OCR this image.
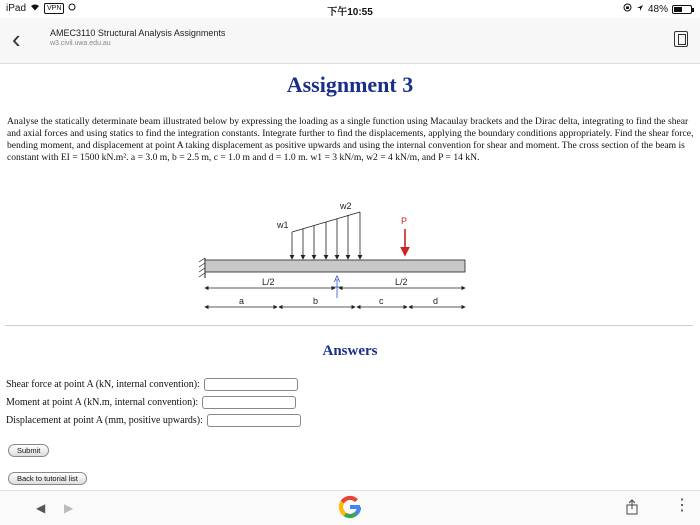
iPad	VPN	下午10:55	48%
‹	AMEC3110 Structural Analysis Assignments
w3.civil.uwa.edu.au
Assignment 3
Analyse the statically determinate beam illustrated below by expressing the loading as a single function using Macaulay brackets and the Dirac delta, integrating to find the shear and axial forces and using statics to find the integration constants. Integrate further to find the displacements, applying the boundary conditions appropriately. Find the shear force, bending moment, and displacement at point A taking displacement as positive upwards and using the internal convention for shear and moment. The cross section of the beam is constant with EI = 1500 kN.m². a = 3.0 m, b = 2.5 m, c = 1.0 m and d = 1.0 m. w1 = 3 kN/m, w2 = 4 kN/m, and P = 14 kN.
w1
w2
P
A
L/2	L/2
a	b	c	d
Answers
Shear force at point A (kN, internal convention):
Moment at point A (kN.m, internal convention):
Displacement at point A (mm, positive upwards):
Submit
Back to tutorial list
◀ ▶	⋮
